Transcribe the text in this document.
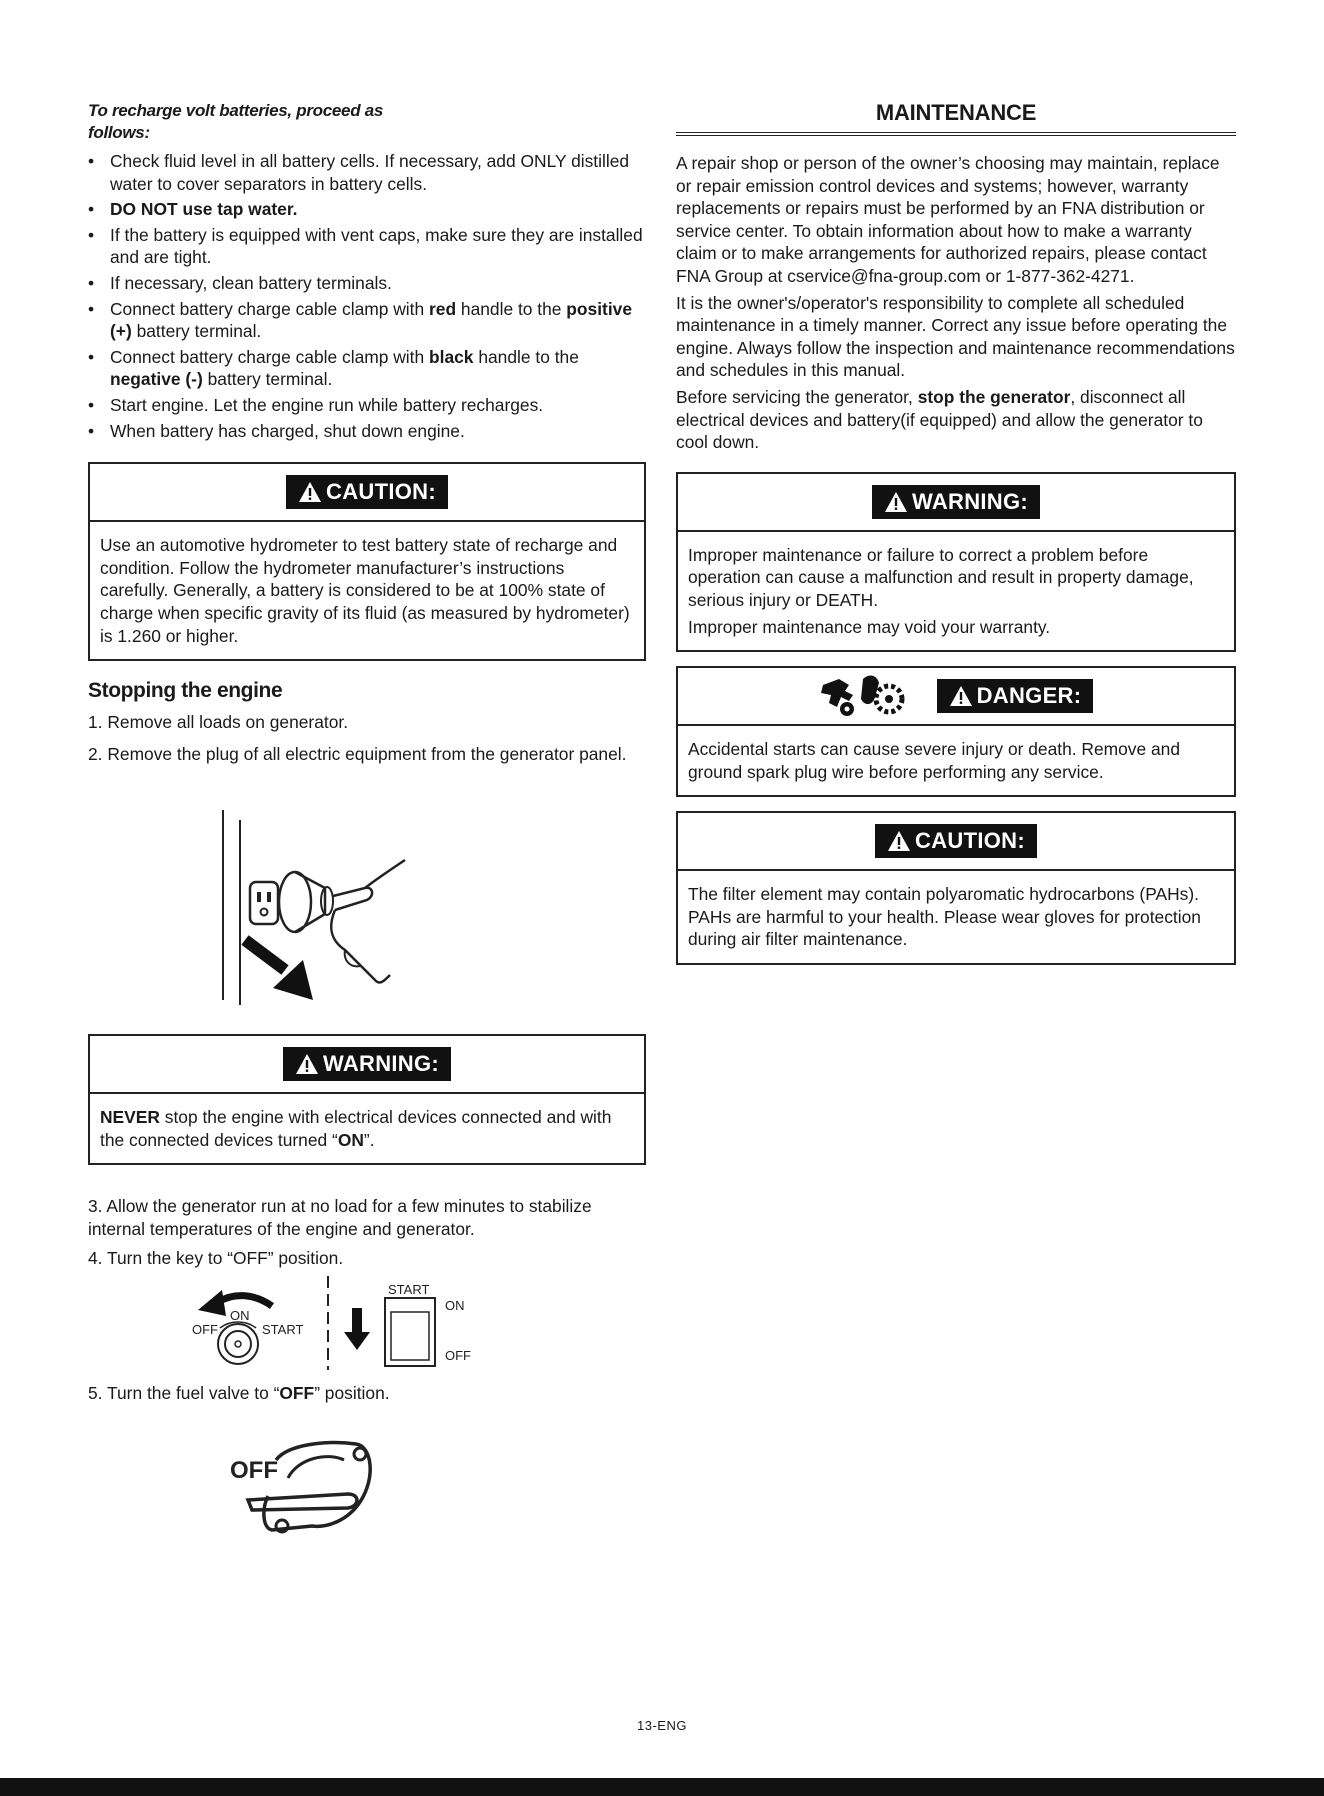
To recharge volt batteries, proceed as follows:

• Check fluid level in all battery cells. If necessary, add ONLY distilled water to cover separators in battery cells.
• DO NOT use tap water.
• If the battery is equipped with vent caps, make sure they are installed and are tight.
• If necessary, clean battery terminals.
• Connect battery charge cable clamp with red handle to the positive (+) battery terminal.
• Connect battery charge cable clamp with black handle to the negative (-) battery terminal.
• Start engine. Let the engine run while battery recharges.
• When battery has charged, shut down engine.
CAUTION:

Use an automotive hydrometer to test battery state of recharge and condition. Follow the hydrometer manufacturer’s instructions carefully. Generally, a battery is considered to be at 100% state of charge when specific gravity of its fluid (as measured by hydrometer) is 1.260 or higher.

Stopping the engine

1. Remove all loads on generator.

2. Remove the plug of all electric equipment from the generator panel.

WARNING:

NEVER stop the engine with electrical devices connected and with the connected devices turned “ON”.

3. Allow the generator run at no load for a few minutes to stabilize internal temperatures of the engine and generator.

4. Turn the key to “OFF” position.

ON
OFF	START
START
ON
OFF

5. Turn the fuel valve to “OFF” position.

OFF
MAINTENANCE

A repair shop or person of the owner’s choosing may maintain, replace or repair emission control devices and systems; however, warranty replacements or repairs must be performed by an FNA distribution or service center. To obtain information about how to make a warranty claim or to make arrangements for authorized repairs, please contact FNA Group at cservice@fna-group.com or 1-877-362-4271.

It is the owner's/operator's responsibility to complete all scheduled maintenance in a timely manner. Correct any issue before operating the engine. Always follow the inspection and maintenance recommendations and schedules in this manual.

Before servicing the generator, stop the generator, disconnect all electrical devices and battery(if equipped) and allow the generator to cool down.

WARNING:

Improper maintenance or failure to correct a problem before operation can cause a malfunction and result in property damage, serious injury or DEATH.

Improper maintenance may void your warranty.

DANGER:

Accidental starts can cause severe injury or death. Remove and ground spark plug wire before performing any service.

CAUTION:

The filter element may contain polyaromatic hydrocarbons (PAHs). PAHs are harmful to your health. Please wear gloves for protection during air filter maintenance.

13-ENG
